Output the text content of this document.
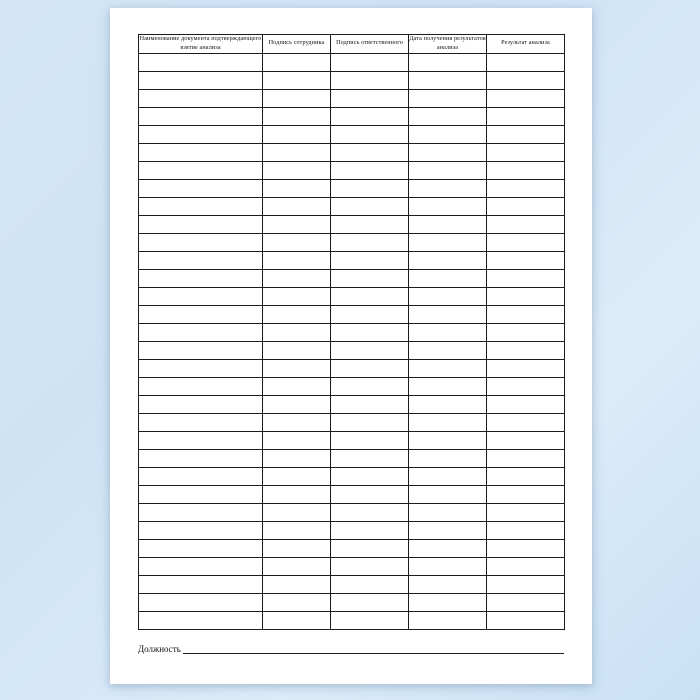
Наименование документа подтверждающего взятие анализа	Подпись сотрудника	Подпись ответственного	Дата получения результатов анализа	Результат анализа

Должность
